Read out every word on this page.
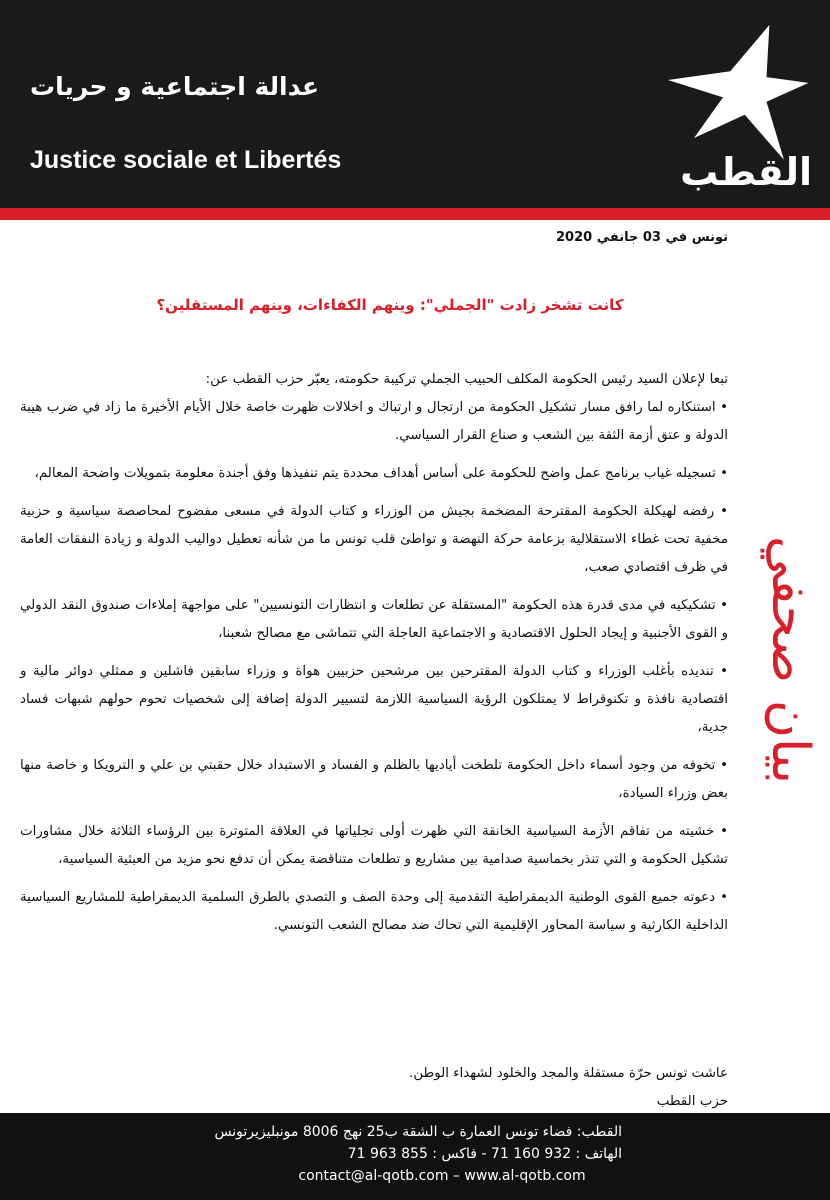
عدالة اجتماعية و حريات
Justice sociale et Libertés	القطب
تونس في 03 جانفي 2020
كانت تشخر زادت "الجملي": وينهم الكفاءات، وينهم المستقلين؟

تبعا لإعلان السيد رئيس الحكومة المكلف الحبيب الجملي تركيبة حكومته، يعبّر حزب القطب عن:

• استنكاره لما رافق مسار تشكيل الحكومة من ارتجال و ارتباك و اخلالات ظهرت خاصة خلال الأيام الأخيرة ما زاد في ضرب هيبة الدولة و عتق أزمة الثقة بين الشعب و صناع القرار السياسي.

• تسجيله غياب برنامج عمل واضح للحكومة على أساس أهداف محددة يتم تنفيذها وفق أجندة معلومة بتمويلات واضحة المعالم،

• رفضه لهيكلة الحكومة المقترحة المضخمة بجيش من الوزراء و كتاب الدولة في مسعى مفضوح لمحاصصة سياسية و حزبية مخفية تحت غطاء الاستقلالية بزعامة حركة النهضة و تواطئ قلب تونس ما من شأنه تعطيل دواليب الدولة و زيادة النفقات العامة في ظرف اقتصادي صعب،

• تشكيكيه في مدى قدرة هذه الحكومة "المستقلة عن تطلعات و انتظارات التونسيين" على مواجهة إملاءات صندوق النقد الدولي و القوى الأجنبية و إيجاد الحلول الاقتصادية و الاجتماعية العاجلة التي تتماشى مع مصالح شعبنا،

• تنديده بأغلب الوزراء و كتاب الدولة المقترحين بين مرشحين حزبيين هواة و وزراء سابقين فاشلين و ممثلي دوائر مالية و اقتصادية نافذة و تكنوقراط لا يمتلكون الرؤية السياسية اللازمة لتسيير الدولة إضافة إلى شخصيات تحوم حولهم شبهات فساد جدية،

• تخوفه من وجود أسماء داخل الحكومة تلطخت أياديها بالظلم و الفساد و الاستبداد خلال حقبتي بن علي و الترويكا و خاصة منها بعض وزراء السيادة،

• خشيته من تفاقم الأزمة السياسية الخانقة التي ظهرت أولى تجلياتها في العلاقة المتوترة بين الرؤساء الثلاثة خلال مشاورات تشكيل الحكومة و التي تنذر بخماسية صدامية بين مشاريع و تطلعات متناقضة يمكن أن تدفع نحو مزيد من العبثية السياسية،

• دعوته جميع القوى الوطنية الديمقراطية التقدمية إلى وحدة الصف و التصدي بالطرق السلمية الديمقراطية للمشاريع السياسية الداخلية الكارثية و سياسة المحاور الإقليمية التي تحاك ضد مصالح الشعب التونسي.

بيان صحفي
عاشت تونس حرّة مستقلة والمجد والخلود لشهداء الوطن.
حزب القطب
القطب: فضاء تونس العمارة ب الشقة ب25 نهج 8006 مونبليزيرتونس
الهاتف : 932 160 71 - فاكس : 855 963 71
contact@al-qotb.com – www.al-qotb.com
